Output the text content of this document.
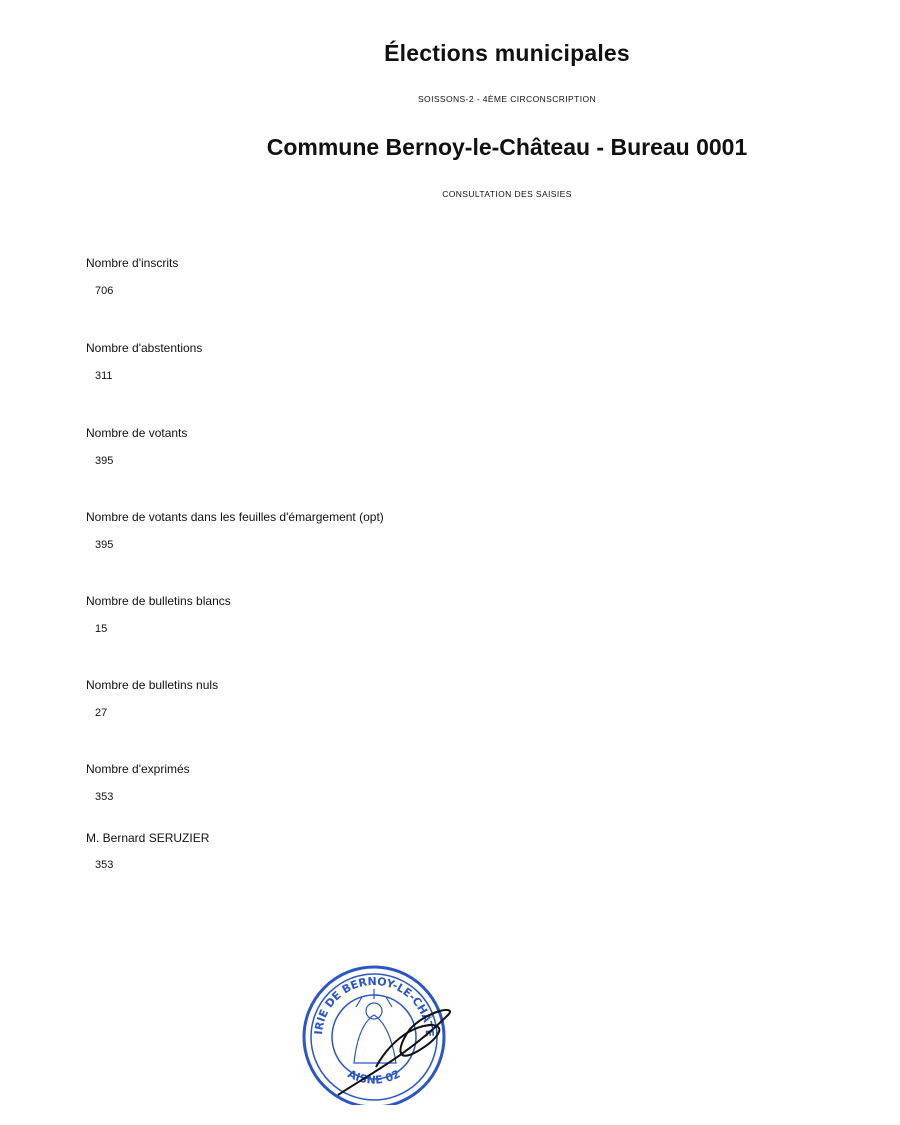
Élections municipales
SOISSONS-2 - 4ÈME CIRCONSCRIPTION
Commune Bernoy-le-Château - Bureau 0001
CONSULTATION DES SAISIES
Nombre d'inscrits
706
Nombre d'abstentions
311
Nombre de votants
395
Nombre de votants dans les feuilles d'émargement (opt)
395
Nombre de bulletins blancs
15
Nombre de bulletins nuls
27
Nombre d'exprimés
353
M. Bernard SERUZIER
353
IRIE DE BERNOY-LE-CHÂTE
AISNE 02
